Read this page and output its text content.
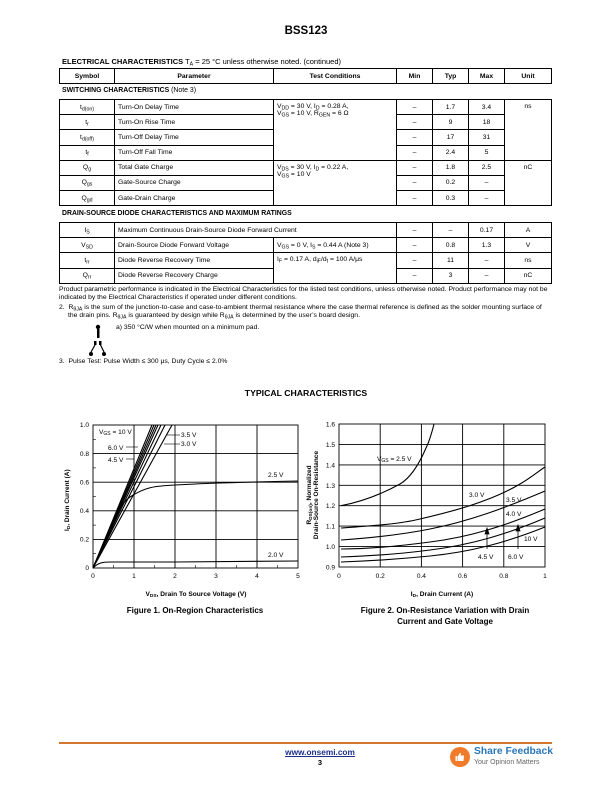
BSS123
ELECTRICAL CHARACTERISTICS $T_A = 25$ °C unless otherwise noted. (continued)
Symbol	Parameter	Test Conditions	Min	Typ	Max	Unit
SWITCHING CHARACTERISTICS (Note 3)
$t_{d(on)}$	Turn-On Delay Time	$V_{DD} = 30$ V, $I_D = 0.28$ A,
$V_{GS} = 10$ V, $R_{GEN} = 6$ Ω	–	1.7	3.4	ns
$t_r$	Turn-On Rise Time		–	9	18	
$t_{d(off)}$	Turn-Off Delay Time		–	17	31	
$t_f$	Turn-Off Fall Time		–	2.4	5	
$Q_g$	Total Gate Charge	$V_{DS} = 30$ V, $I_D = 0.22$ A,
$V_{GS} = 10$ V	–	1.8	2.5	nC
$Q_{gs}$	Gate-Source Charge		–	0.2	–	
$Q_{gd}$	Gate-Drain Charge		–	0.3	–	
DRAIN-SOURCE DIODE CHARACTERISTICS AND MAXIMUM RATINGS
$I_S$	Maximum Continuous Drain-Source Diode Forward Current		–	–	0.17	A
$V_{SD}$	Drain-Source Diode Forward Voltage	$V_{GS} = 0$ V, $I_S = 0.44$ A (Note 3)	–	0.8	1.3	V
$t_{rr}$	Diode Reverse Recovery Time	$I_F = 0.17$ A, $d_{iF}/d_t = 100$ A/μs	–	11	–	ns
$Q_{rr}$	Diode Reverse Recovery Charge		–	3	–	nC
Product parametric performance is indicated in the Electrical Characteristics for the listed test conditions, unless otherwise noted. Product performance may not be indicated by the Electrical Characteristics if operated under different conditions.
2. $R_{\theta JA}$ is the sum of the junction-to-case and case-to-ambient thermal resistance where the case thermal reference is defined as the solder mounting surface of the drain pins. $R_{\theta JA}$ is guaranteed by design while $R_{\theta JA}$ is determined by the user’s board design.
a) 350 °C/W when mounted on a minimum pad.
3. Pulse Test: Pulse Width ≤ 300 μs, Duty Cycle ≤ 2.0%
TYPICAL CHARACTERISTICS
1.0
0.8
0.6
0.4
0.2
0
0	1	2	3	4	5
VGS = 10 V
6.0 V
4.5 V
3.5 V
3.0 V
2.5 V
2.0 V
ID, Drain Current (A)
VDS, Drain To Source Voltage (V)
1.6
1.5
1.4
1.3
1.2
1.1
1.0
0.9
0	0.2	0.4	0.6	0.8	1
VGS = 2.5 V
3.0 V
3.5 V
4.0 V
10 V
4.5 V 6.0 V
RDS(on), Normalized Drain-Source On-Resistance
ID, Drain Current (A)
Figure 1. On-Region Characteristics	Figure 2. On-Resistance Variation with Drain
Current and Gate Voltage
www.onsemi.com
3
Share Feedback
Your Opinion Matters
